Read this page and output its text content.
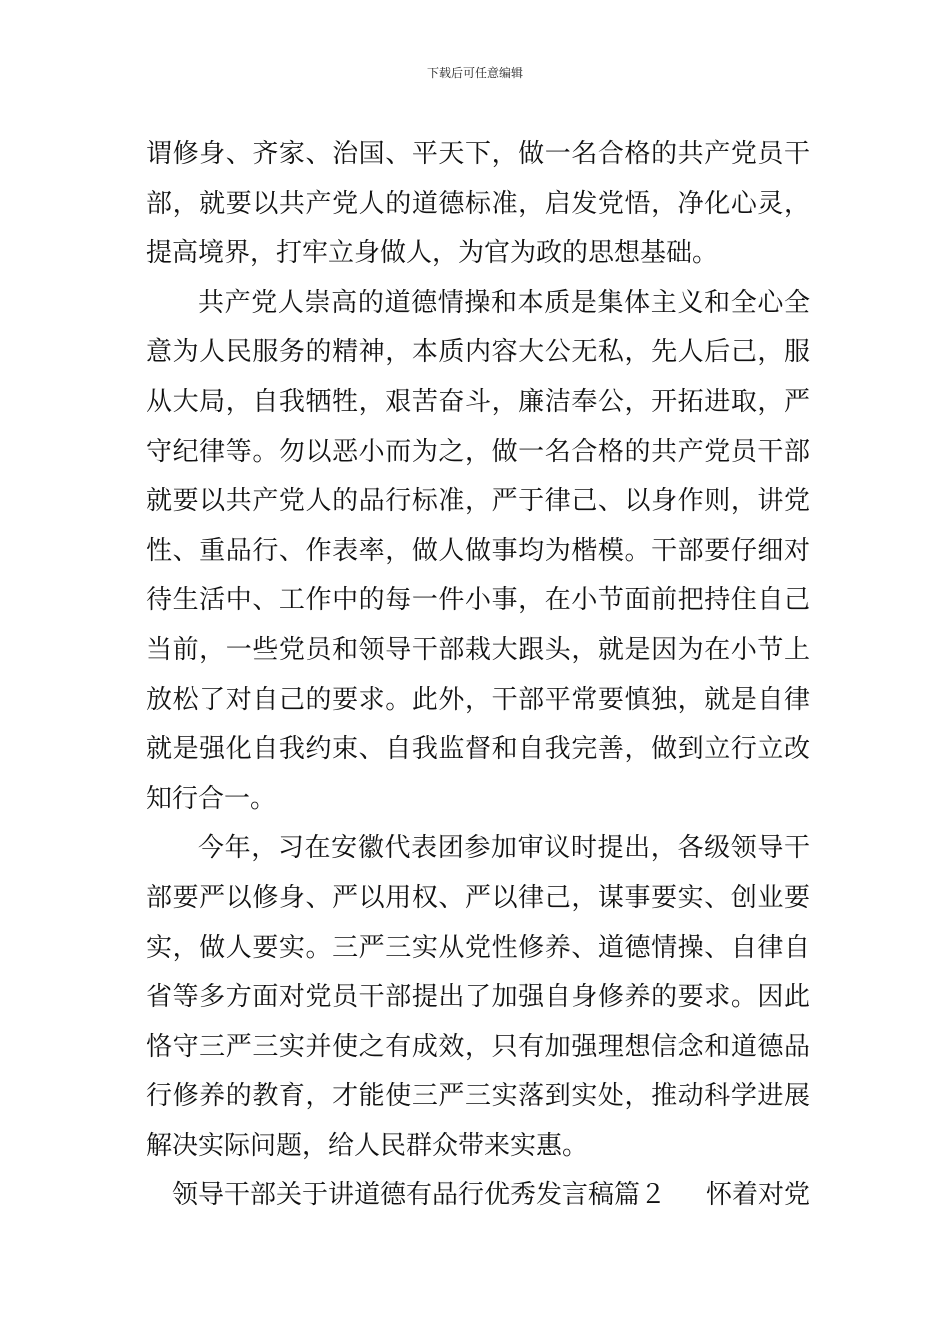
下载后可任意编辑
谓修身、齐家、治国、平天下，做一名合格的共产党员干
部，就要以共产党人的道德标准，启发党悟，净化心灵，
提高境界，打牢立身做人，为官为政的思想基础。
共产党人崇高的道德情操和本质是集体主义和全心全
意为人民服务的精神，本质内容大公无私，先人后己，服
从大局，自我牺牲，艰苦奋斗，廉洁奉公，开拓进取，严
守纪律等。勿以恶小而为之，做一名合格的共产党员干部
就要以共产党人的品行标准，严于律己、以身作则，讲党
性、重品行、作表率，做人做事均为楷模。干部要仔细对
待生活中、工作中的每一件小事，在小节面前把持住自己
当前，一些党员和领导干部栽大跟头，就是因为在小节上
放松了对自己的要求。此外，干部平常要慎独，就是自律
就是强化自我约束、自我监督和自我完善，做到立行立改
知行合一。
今年，习在安徽代表团参加审议时提出，各级领导干
部要严以修身、严以用权、严以律己，谋事要实、创业要
实，做人要实。三严三实从党性修养、道德情操、自律自
省等多方面对党员干部提出了加强自身修养的要求。因此
恪守三严三实并使之有成效，只有加强理想信念和道德品
行修养的教育，才能使三严三实落到实处，推动科学进展
解决实际问题，给人民群众带来实惠。
领导干部关于讲道德有品行优秀发言稿篇２ 怀着对党
